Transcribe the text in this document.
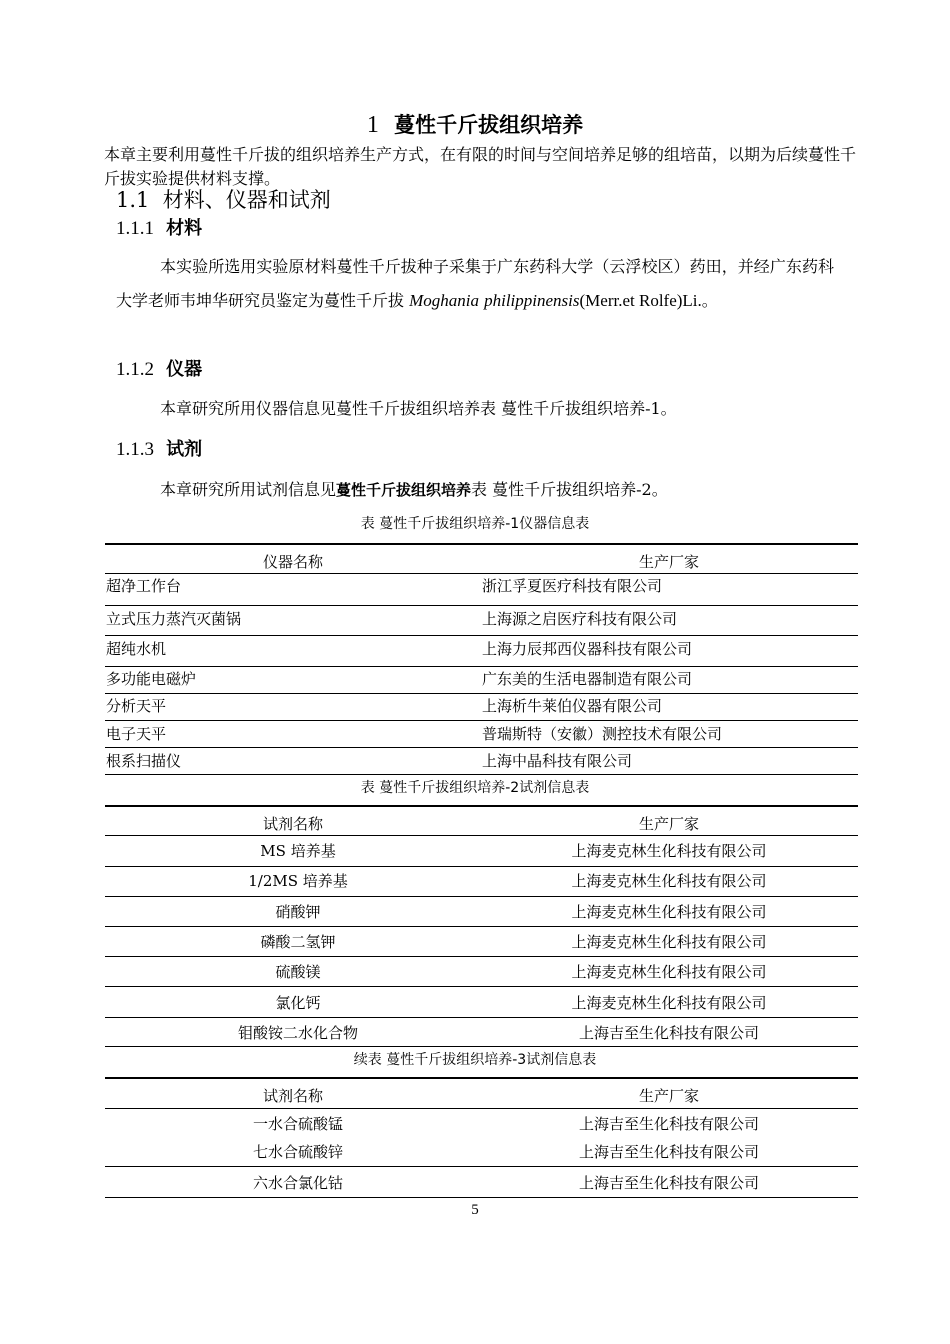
1 蔓性千斤拔组织培养
本章主要利用蔓性千斤拔的组织培养生产方式，在有限的时间与空间培养足够的组培苗，以期为后续蔓性千斤拔实验提供材料支撑。
1.1 材料、仪器和试剂
1.1.1 材料
本实验所选用实验原材料蔓性千斤拔种子采集于广东药科大学（云浮校区）药田，并经广东药科大学老师韦坤华研究员鉴定为蔓性千斤拔 Moghania philippinensis(Merr.et Rolfe)Li.。
1.1.2 仪器
本章研究所用仪器信息见蔓性千斤拔组织培养表 蔓性千斤拔组织培养-1。
1.1.3 试剂
本章研究所用试剂信息见蔓性千斤拔组织培养表 蔓性千斤拔组织培养-2。
表 蔓性千斤拔组织培养-1仪器信息表
仪器名称	生产厂家
超净工作台	浙江孚夏医疗科技有限公司
立式压力蒸汽灭菌锅	上海源之启医疗科技有限公司
超纯水机	上海力辰邦西仪器科技有限公司
多功能电磁炉	广东美的生活电器制造有限公司
分析天平	上海析牛莱伯仪器有限公司
电子天平	普瑞斯特（安徽）测控技术有限公司
根系扫描仪	上海中晶科技有限公司
表 蔓性千斤拔组织培养-2试剂信息表
试剂名称	生产厂家
MS 培养基	上海麦克林生化科技有限公司
1/2MS 培养基	上海麦克林生化科技有限公司
硝酸钾	上海麦克林生化科技有限公司
磷酸二氢钾	上海麦克林生化科技有限公司
硫酸镁	上海麦克林生化科技有限公司
氯化钙	上海麦克林生化科技有限公司
钼酸铵二水化合物	上海吉至生化科技有限公司
续表 蔓性千斤拔组织培养-3试剂信息表
试剂名称	生产厂家
一水合硫酸锰	上海吉至生化科技有限公司
七水合硫酸锌	上海吉至生化科技有限公司
六水合氯化钴	上海吉至生化科技有限公司
5
